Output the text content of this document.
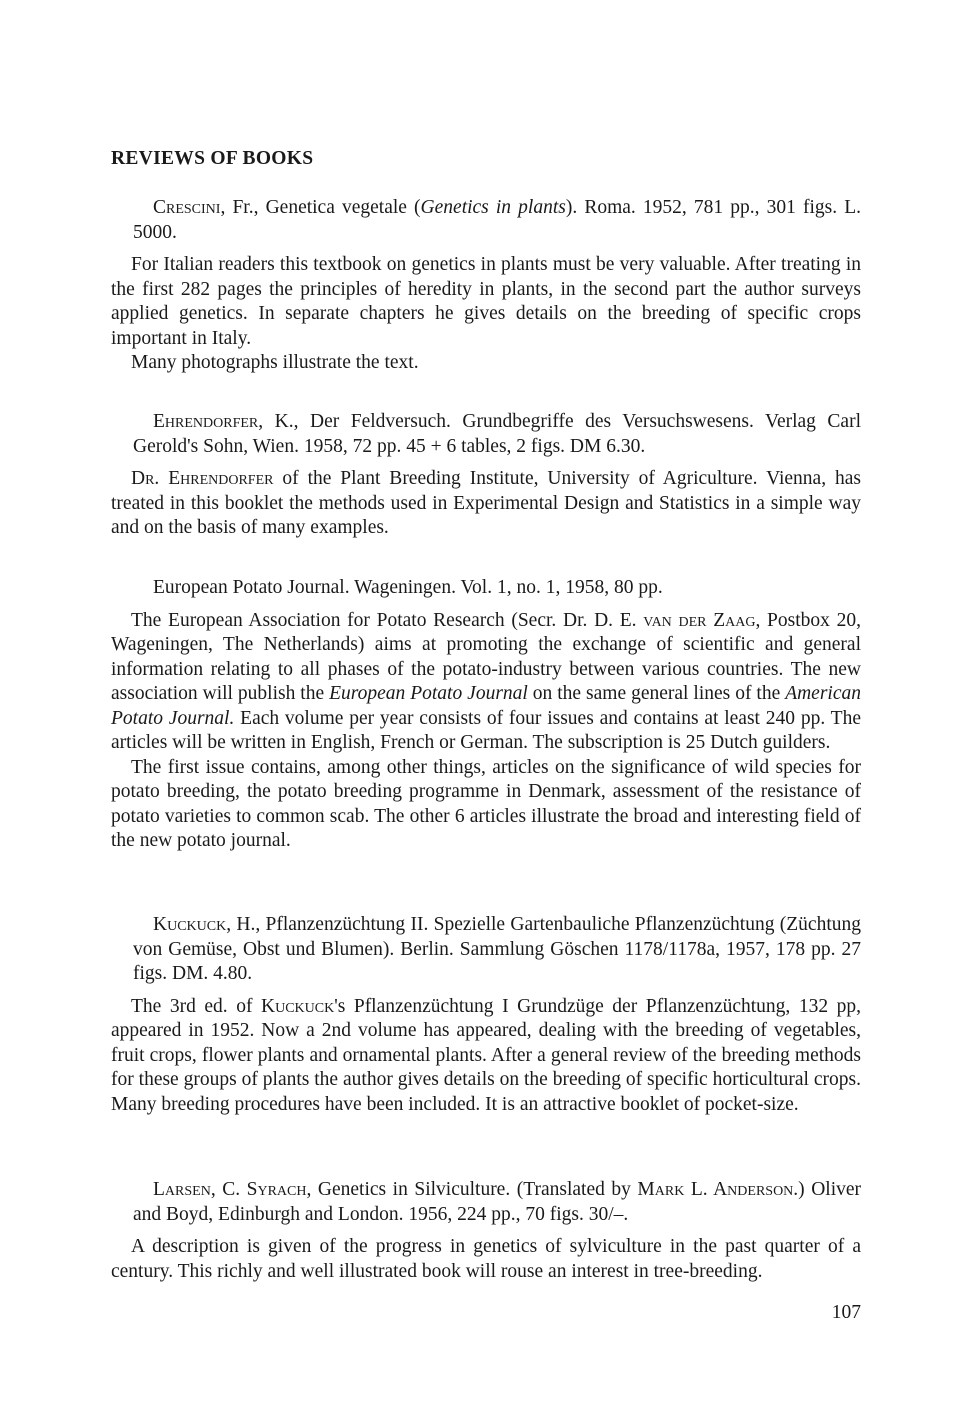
REVIEWS OF BOOKS
Crescini, Fr., Genetica vegetale (Genetics in plants). Roma. 1952, 781 pp., 301 figs. L. 5000.
For Italian readers this textbook on genetics in plants must be very valuable. After treating in the first 282 pages the principles of heredity in plants, in the second part the author surveys applied genetics. In separate chapters he gives details on the breeding of specific crops important in Italy.
Many photographs illustrate the text.
Ehrendorfer, K., Der Feldversuch. Grundbegriffe des Versuchswesens. Verlag Carl Gerold's Sohn, Wien. 1958, 72 pp. 45 + 6 tables, 2 figs. DM 6.30.
Dr. Ehrendorfer of the Plant Breeding Institute, University of Agriculture. Vienna, has treated in this booklet the methods used in Experimental Design and Statistics in a simple way and on the basis of many examples.
European Potato Journal. Wageningen. Vol. 1, no. 1, 1958, 80 pp.
The European Association for Potato Research (Secr. Dr. D. E. van der Zaag, Postbox 20, Wageningen, The Netherlands) aims at promoting the exchange of scientific and general information relating to all phases of the potato-industry between various countries. The new association will publish the European Potato Journal on the same general lines of the American Potato Journal. Each volume per year consists of four issues and contains at least 240 pp. The articles will be written in English, French or German. The subscription is 25 Dutch guilders.
The first issue contains, among other things, articles on the significance of wild species for potato breeding, the potato breeding programme in Denmark, assessment of the resistance of potato varieties to common scab. The other 6 articles illustrate the broad and interesting field of the new potato journal.
Kuckuck, H., Pflanzenzüchtung II. Spezielle Gartenbauliche Pflanzenzüchtung (Züchtung von Gemüse, Obst und Blumen). Berlin. Sammlung Göschen 1178/1178a, 1957, 178 pp. 27 figs. DM. 4.80.
The 3rd ed. of Kuckuck's Pflanzenzüchtung I Grundzüge der Pflanzenzüchtung, 132 pp, appeared in 1952. Now a 2nd volume has appeared, dealing with the breeding of vegetables, fruit crops, flower plants and ornamental plants. After a general review of the breeding methods for these groups of plants the author gives details on the breeding of specific horticultural crops. Many breeding procedures have been included. It is an attractive booklet of pocket-size.
Larsen, C. Syrach, Genetics in Silviculture. (Translated by Mark L. Anderson.) Oliver and Boyd, Edinburgh and London. 1956, 224 pp., 70 figs. 30/–.
A description is given of the progress in genetics of sylviculture in the past quarter of a century. This richly and well illustrated book will rouse an interest in tree-breeding.
107
